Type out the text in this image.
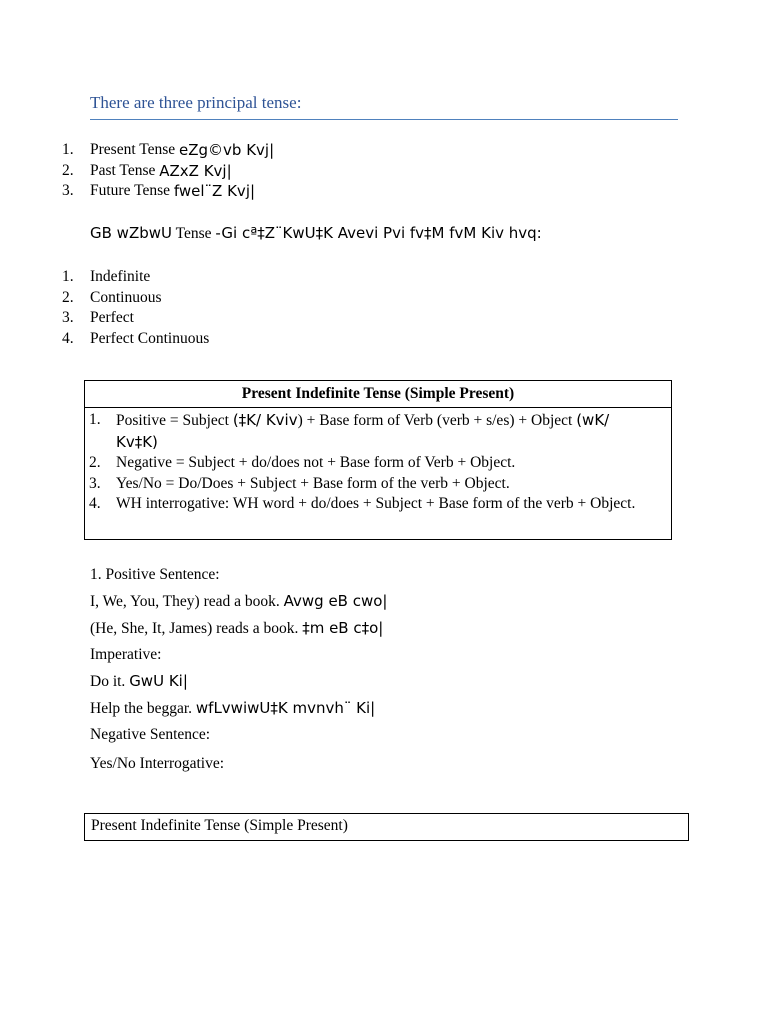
There are three principal tense:
1.	Present Tense
eZg©vb Kvj|
2.	Past Tense
AZxZ Kvj|
3.	Future Tense
fwel¨Z Kvj|
GB wZbwU Tense -Gi cª‡Z¨KwU‡K Avevi Pvi fv‡M fvM Kiv hvq:
1.	Indefinite
2.	Continuous
3.	Perfect
4.	Perfect Continuous
Present Indefinite Tense (Simple Present)
1. Positive = Subject (‡K/ Kviv) + Base form of Verb (verb + s/es) + Object (wK/ Kv‡K)
2. Negative = Subject + do/does not + Base form of Verb + Object.
3. Yes/No = Do/Does + Subject + Base form of the verb + Object.
4. WH interrogative: WH word + do/does + Subject + Base form of the verb + Object.
1. Positive Sentence:
I, We, You, They) read a book. Avwg eB cwo|
(He, She, It, James) reads a book. ‡m eB c‡o|
Imperative:
Do it. GwU Ki|
Help the beggar. wfLvwiwU‡K mvnvh¨ Ki|
Negative Sentence:
Yes/No Interrogative:
Present Indefinite Tense (Simple Present)
